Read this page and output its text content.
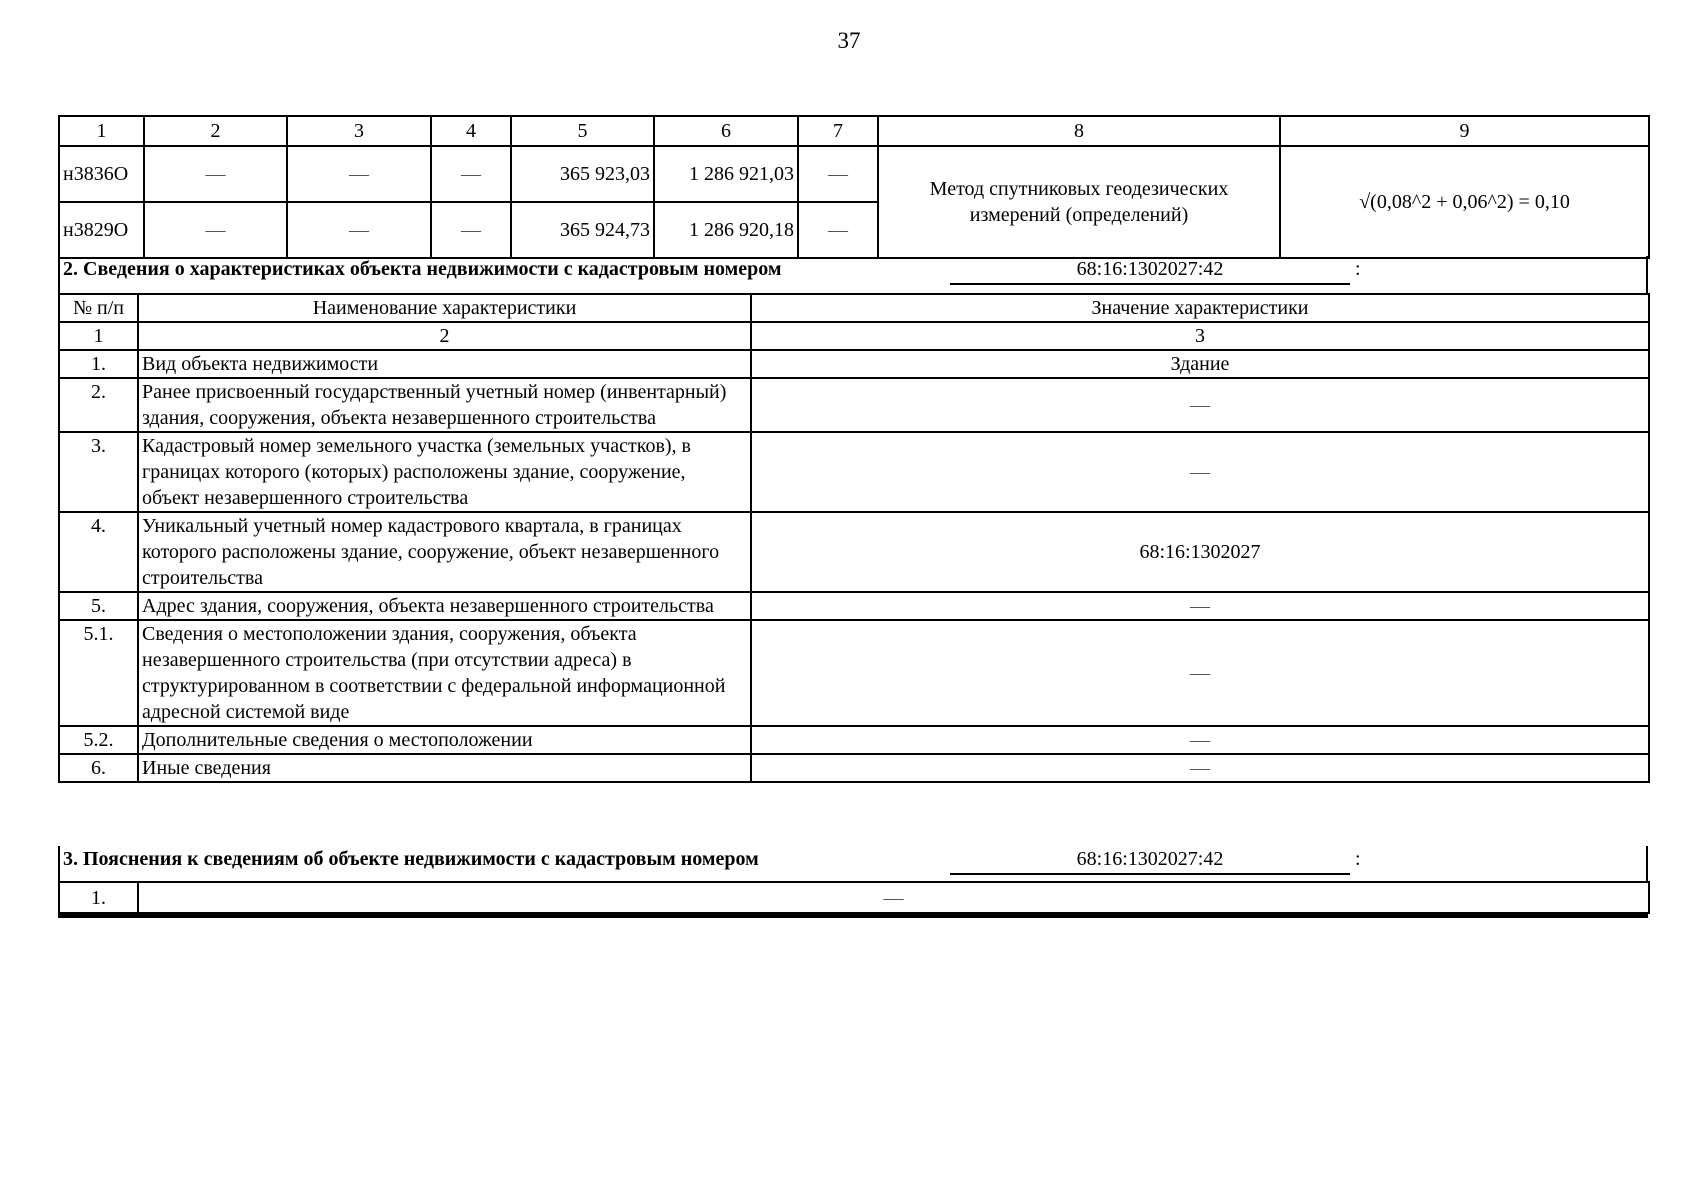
37
1	2	3	4	5	6	7	8	9
н3836О	—	—	—	365 923,03	1 286 921,03	—	Метод спутниковых геодезических измерений (определений)	√(0,08^2 + 0,06^2) = 0,10
н3829О	—	—	—	365 924,73	1 286 920,18	—		
2. Сведения о характеристиках объекта недвижимости с кадастровым номером	68:16:1302027:42	:
№ п/п	Наименование характеристики	Значение характеристики
1	2	3
1.	Вид объекта недвижимости	Здание
2.	Ранее присвоенный государственный учетный номер (инвентарный) здания, сооружения, объекта незавершенного строительства	—
3.	Кадастровый номер земельного участка (земельных участков), в границах которого (которых) расположены здание, сооружение, объект незавершенного строительства	—
4.	Уникальный учетный номер кадастрового квартала, в границах которого расположены здание, сооружение, объект незавершенного строительства	68:16:1302027
5.	Адрес здания, сооружения, объекта незавершенного строительства	—
5.1.	Сведения о местоположении здания, сооружения, объекта незавершенного строительства (при отсутствии адреса) в структурированном в соответствии с федеральной информационной адресной системой виде	—
5.2.	Дополнительные сведения о местоположении	—
6.	Иные сведения	—
3. Пояснения к сведениям об объекте недвижимости с кадастровым номером	68:16:1302027:42	:
1.	—
